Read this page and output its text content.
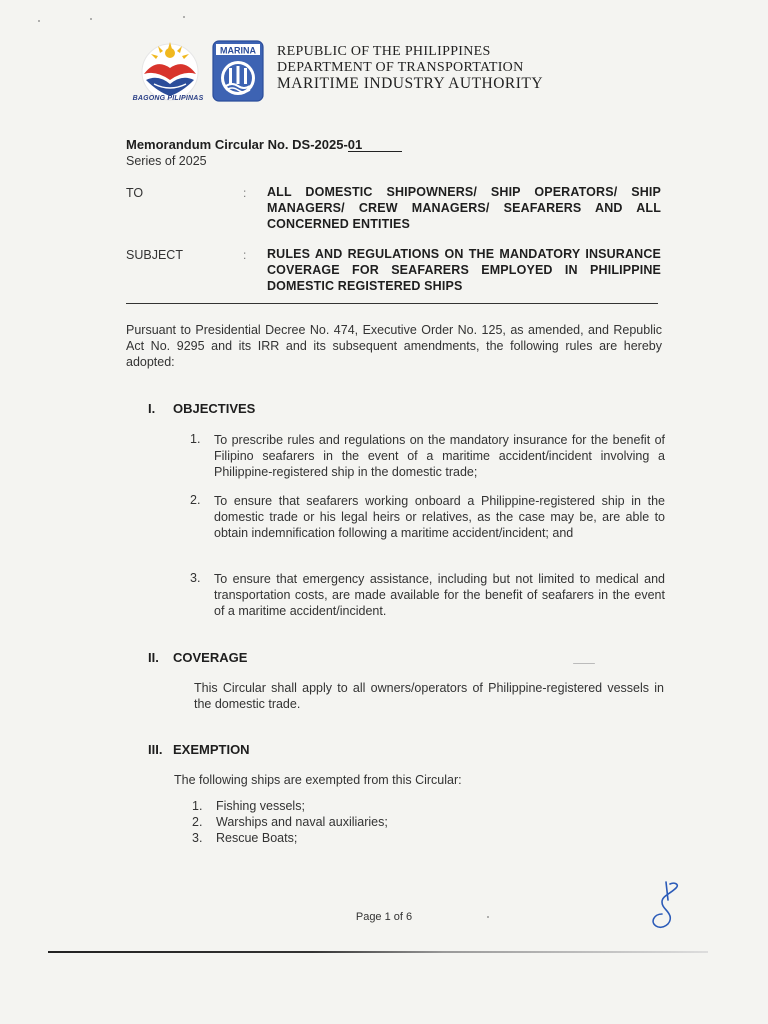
BAGONG PILIPINAS
MARINA REPUBLIC OF THE PHILIPPINES
DEPARTMENT OF TRANSPORTATION
MARITIME INDUSTRY AUTHORITY
Memorandum Circular No. DS-2025-01
Series of 2025
TO	: ALL DOMESTIC SHIPOWNERS/ SHIP OPERATORS/ SHIP MANAGERS/ CREW MANAGERS/ SEAFARERS AND ALL CONCERNED ENTITIES
SUBJECT	: RULES AND REGULATIONS ON THE MANDATORY INSURANCE COVERAGE FOR SEAFARERS EMPLOYED IN PHILIPPINE DOMESTIC REGISTERED SHIPS
Pursuant to Presidential Decree No. 474, Executive Order No. 125, as amended, and Republic Act No. 9295 and its IRR and its subsequent amendments, the following rules are hereby adopted:
I. OBJECTIVES
1.	To prescribe rules and regulations on the mandatory insurance for the benefit of Filipino seafarers in the event of a maritime accident/incident involving a Philippine-registered ship in the domestic trade;
2.	To ensure that seafarers working onboard a Philippine-registered ship in the domestic trade or his legal heirs or relatives, as the case may be, are able to obtain indemnification following a maritime accident/incident; and
3.	To ensure that emergency assistance, including but not limited to medical and transportation costs, are made available for the benefit of seafarers in the event of a maritime accident/incident.
II. COVERAGE
This Circular shall apply to all owners/operators of Philippine-registered vessels in the domestic trade.
III. EXEMPTION
The following ships are exempted from this Circular:
1. Fishing vessels;
2. Warships and naval auxiliaries;
3. Rescue Boats;
Page 1 of 6
